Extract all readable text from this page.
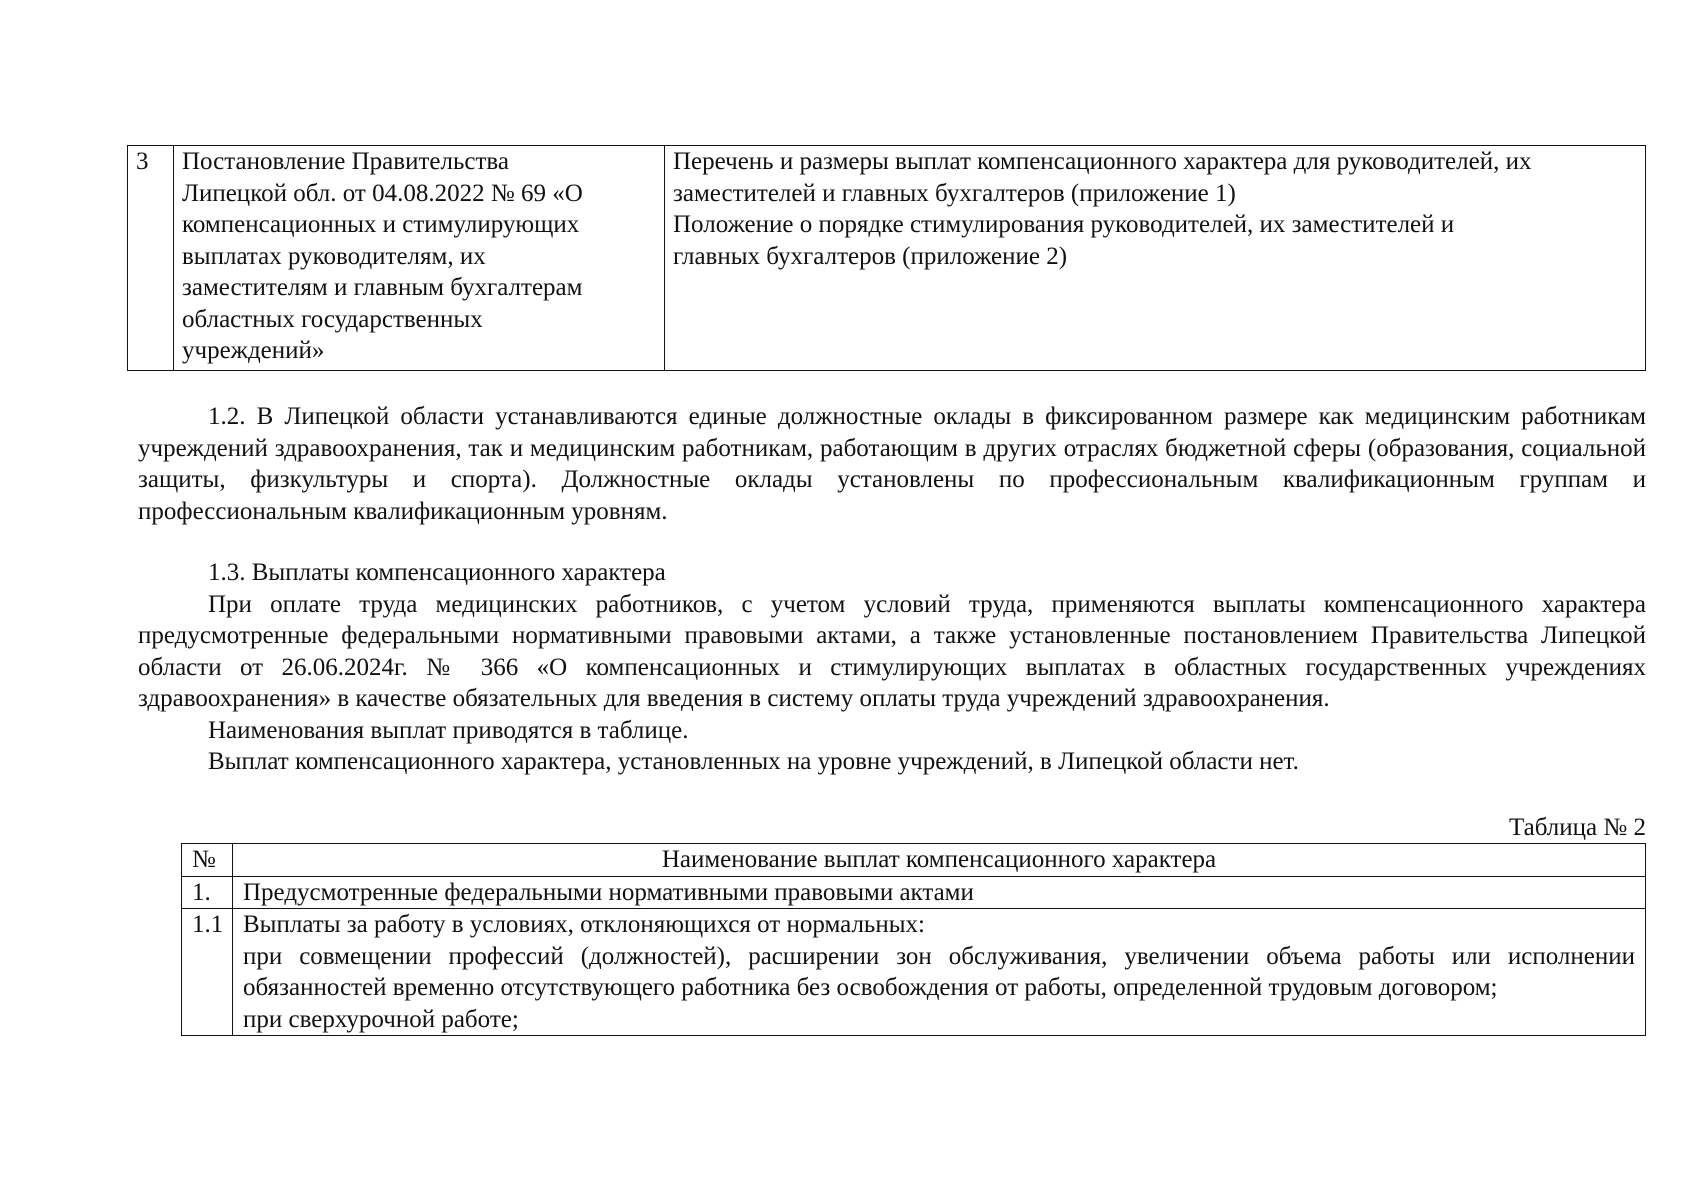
3	Постановление Правительства
Липецкой обл. от 04.08.2022 № 69 «О
компенсационных и стимулирующих
выплатах руководителям, их
заместителям и главным бухгалтерам
областных государственных
учреждений»	Перечень и размеры выплат компенсационного характера для руководителей, их
заместителей и главных бухгалтеров (приложение 1)
Положение о порядке стимулирования руководителей, их заместителей и
главных бухгалтеров (приложение 2)

1.2. В Липецкой области устанавливаются единые должностные оклады в фиксированном размере как медицинским работникам учреждений здравоохранения, так и медицинским работникам, работающим в других отраслях бюджетной сферы (образования, социальной защиты, физкультуры и спорта). Должностные оклады установлены по профессиональным квалификационным группам и профессиональным квалификационным уровням.

1.3. Выплаты компенсационного характера

При оплате труда медицинских работников, с учетом условий труда, применяются выплаты компенсационного характера предусмотренные федеральными нормативными правовыми актами, а также установленные постановлением Правительства Липецкой области от 26.06.2024г. № 366 «О компенсационных и стимулирующих выплатах в областных государственных учреждениях здравоохранения» в качестве обязательных для введения в систему оплаты труда учреждений здравоохранения.

Наименования выплат приводятся в таблице.

Выплат компенсационного характера, установленных на уровне учреждений, в Липецкой области нет.

Таблица № 2
№	Наименование выплат компенсационного характера
1.	Предусмотренные федеральными нормативными правовыми актами

1.1	Выплаты за работу в условиях, отклоняющихся от нормальных:

при совмещении профессий (должностей), расширении зон обслуживания, увеличении объема работы или исполнении обязанностей временно отсутствующего работника без освобождения от работы, определенной трудовым договором;

при сверхурочной работе;
